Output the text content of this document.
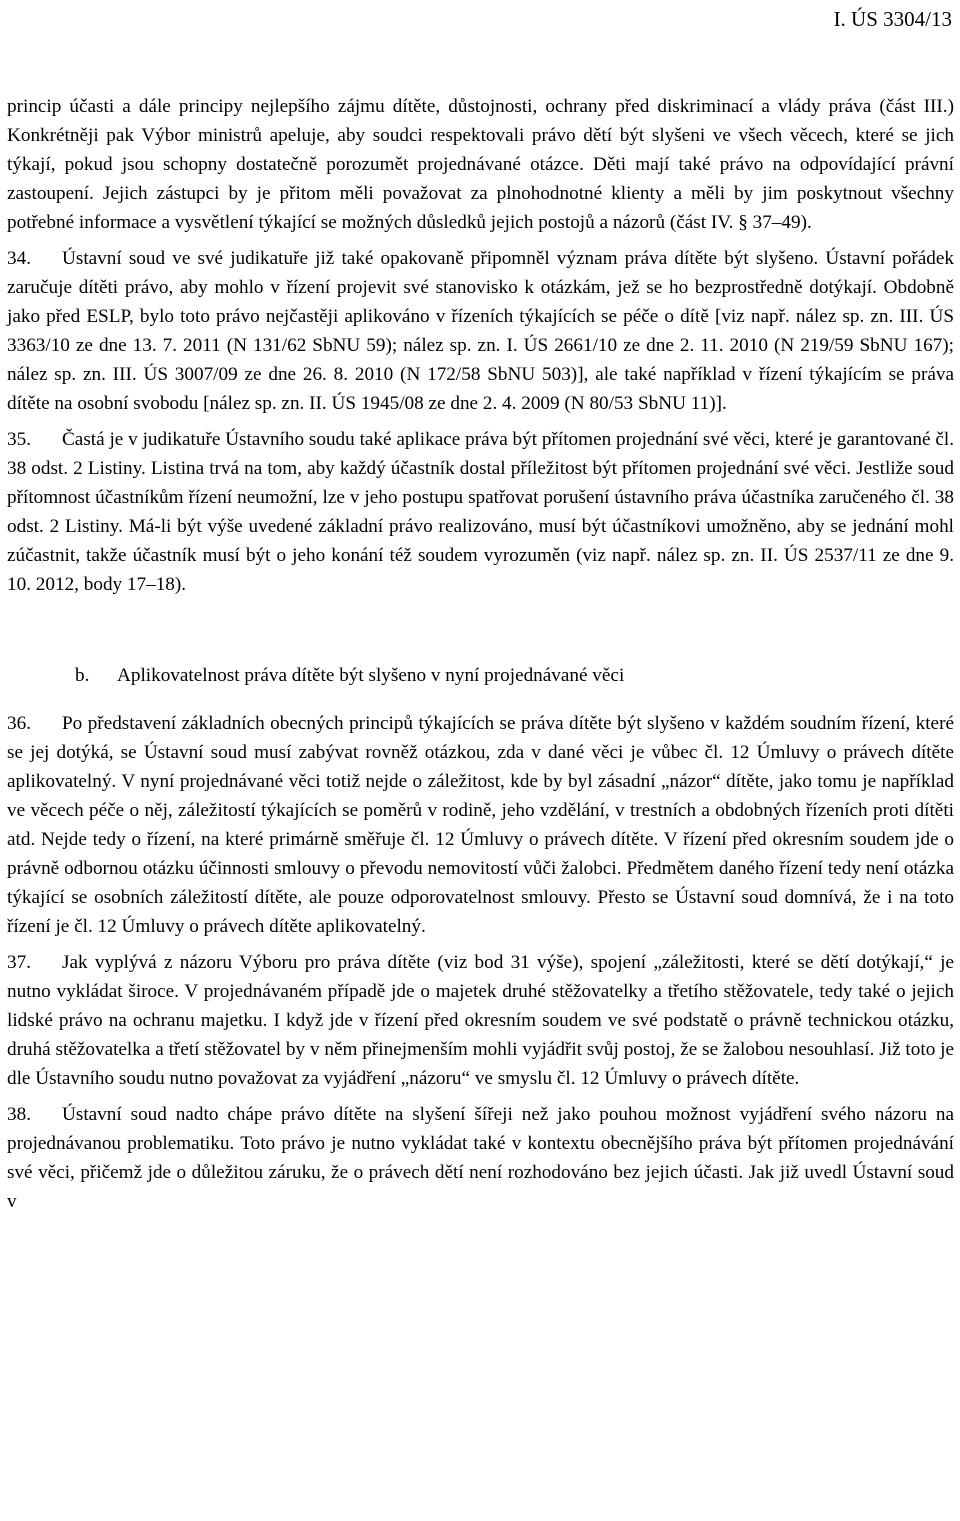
I. ÚS 3304/13

princip účasti a dále principy nejlepšího zájmu dítěte, důstojnosti, ochrany před diskriminací a vlády práva (část III.) Konkrétněji pak Výbor ministrů apeluje, aby soudci respektovali právo dětí být slyšeni ve všech věcech, které se jich týkají, pokud jsou schopny dostatečně porozumět projednávané otázce. Děti mají také právo na odpovídající právní zastoupení. Jejich zástupci by je přitom měli považovat za plnohodnotné klienty a měli by jim poskytnout všechny potřebné informace a vysvětlení týkající se možných důsledků jejich postojů a názorů (část IV. § 37–49).

34. Ústavní soud ve své judikatuře již také opakovaně připomněl význam práva dítěte být slyšeno. Ústavní pořádek zaručuje dítěti právo, aby mohlo v řízení projevit své stanovisko k otázkám, jež se ho bezprostředně dotýkají. Obdobně jako před ESLP, bylo toto právo nejčastěji aplikováno v řízeních týkajících se péče o dítě [viz např. nález sp. zn. III. ÚS 3363/10 ze dne 13. 7. 2011 (N 131/62 SbNU 59); nález sp. zn. I. ÚS 2661/10 ze dne 2. 11. 2010 (N 219/59 SbNU 167); nález sp. zn. III. ÚS 3007/09 ze dne 26. 8. 2010 (N 172/58 SbNU 503)], ale také například v řízení týkajícím se práva dítěte na osobní svobodu [nález sp. zn. II. ÚS 1945/08 ze dne 2. 4. 2009 (N 80/53 SbNU 11)].

35. Častá je v judikatuře Ústavního soudu také aplikace práva být přítomen projednání své věci, které je garantované čl. 38 odst. 2 Listiny. Listina trvá na tom, aby každý účastník dostal příležitost být přítomen projednání své věci. Jestliže soud přítomnost účastníkům řízení neumožní, lze v jeho postupu spatřovat porušení ústavního práva účastníka zaručeného čl. 38 odst. 2 Listiny. Má-li být výše uvedené základní právo realizováno, musí být účastníkovi umožněno, aby se jednání mohl zúčastnit, takže účastník musí být o jeho konání též soudem vyrozuměn (viz např. nález sp. zn. II. ÚS 2537/11 ze dne 9. 10. 2012, body 17–18).

b. Aplikovatelnost práva dítěte být slyšeno v nyní projednávané věci

36. Po představení základních obecných principů týkajících se práva dítěte být slyšeno v každém soudním řízení, které se jej dotýká, se Ústavní soud musí zabývat rovněž otázkou, zda v dané věci je vůbec čl. 12 Úmluvy o právech dítěte aplikovatelný. V nyní projednávané věci totiž nejde o záležitost, kde by byl zásadní „názor“ dítěte, jako tomu je například ve věcech péče o něj, záležitostí týkajících se poměrů v rodině, jeho vzdělání, v trestních a obdobných řízeních proti dítěti atd. Nejde tedy o řízení, na které primárně směřuje čl. 12 Úmluvy o právech dítěte. V řízení před okresním soudem jde o právně odbornou otázku účinnosti smlouvy o převodu nemovitostí vůči žalobci. Předmětem daného řízení tedy není otázka týkající se osobních záležitostí dítěte, ale pouze odporovatelnost smlouvy. Přesto se Ústavní soud domnívá, že i na toto řízení je čl. 12 Úmluvy o právech dítěte aplikovatelný.

37. Jak vyplývá z názoru Výboru pro práva dítěte (viz bod 31 výše), spojení „záležitosti, které se dětí dotýkají,“ je nutno vykládat široce. V projednávaném případě jde o majetek druhé stěžovatelky a třetího stěžovatele, tedy také o jejich lidské právo na ochranu majetku. I když jde v řízení před okresním soudem ve své podstatě o právně technickou otázku, druhá stěžovatelka a třetí stěžovatel by v něm přinejmenším mohli vyjádřit svůj postoj, že se žalobou nesouhlasí. Již toto je dle Ústavního soudu nutno považovat za vyjádření „názoru“ ve smyslu čl. 12 Úmluvy o právech dítěte.

38. Ústavní soud nadto chápe právo dítěte na slyšení šířeji než jako pouhou možnost vyjádření svého názoru na projednávanou problematiku. Toto právo je nutno vykládat také v kontextu obecnějšího práva být přítomen projednávání své věci, přičemž jde o důležitou záruku, že o právech dětí není rozhodováno bez jejich účasti. Jak již uvedl Ústavní soud v
